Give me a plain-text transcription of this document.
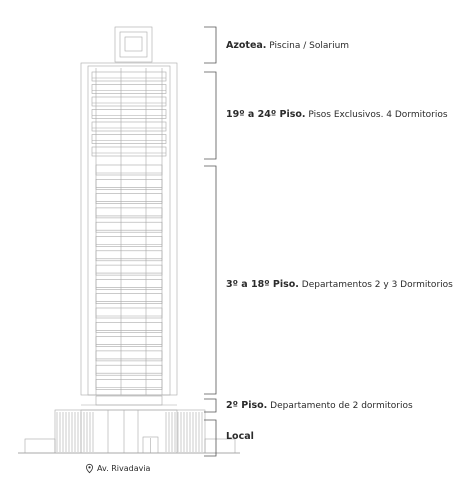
Azotea. Piscina / Solarium
19º a 24º Piso. Pisos Exclusivos. 4 Dormitorios
3º a 18º Piso. Departamentos 2 y 3 Dormitorios
2º Piso. Departamento de 2 dormitorios
Local
Av. Rivadavia
